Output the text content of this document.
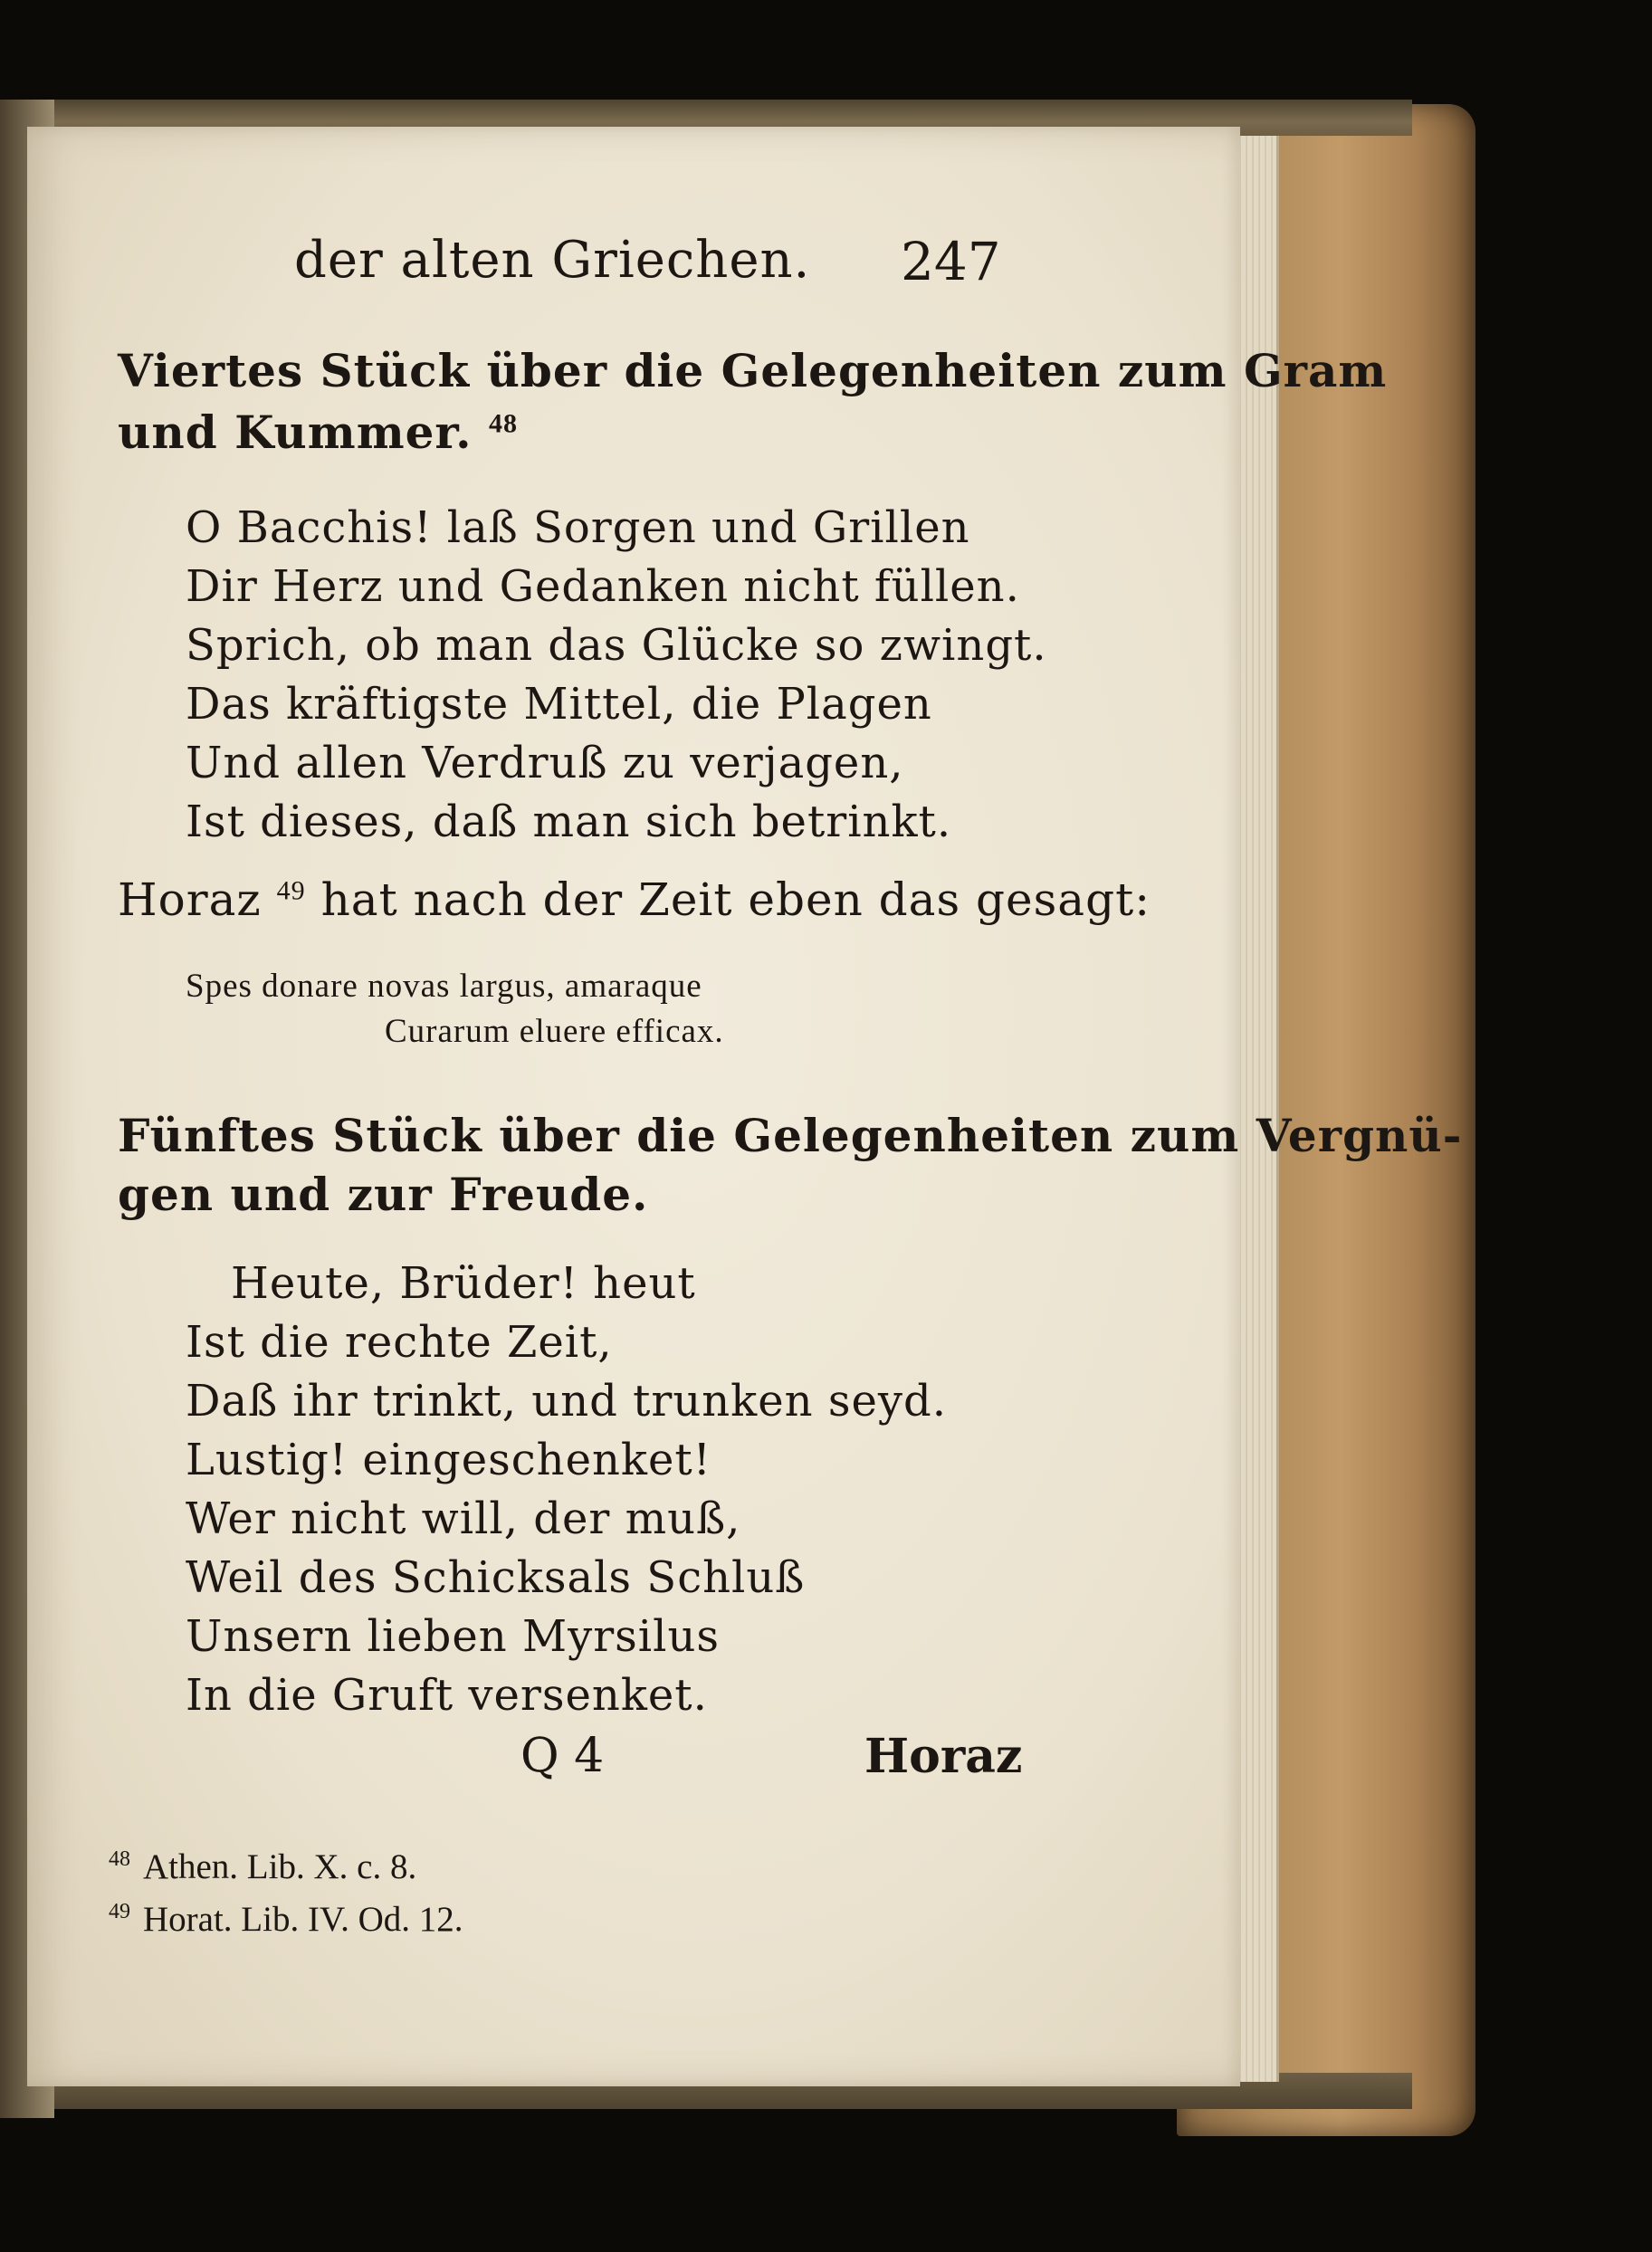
der alten Griechen. 247
Viertes Stück über die Gelegenheiten zum Gram
und Kummer. $^{48}$
O Bacchis! laß Sorgen und Grillen
Dir Herz und Gedanken nicht füllen.
Sprich, ob man das Glücke so zwingt.
Das kräftigste Mittel, die Plagen
Und allen Verdruß zu verjagen,
Ist dieses, daß man sich betrinkt.
Horaz $^{49}$ hat nach der Zeit eben das gesagt:
Spes donare novas largus, amaraque
Curarum eluere efficax.
Fünftes Stück über die Gelegenheiten zum Vergnü-
gen und zur Freude.
Heute, Brüder! heut
Ist die rechte Zeit,
Daß ihr trinkt, und trunken seyd.
Lustig! eingeschenket!
Wer nicht will, der muß,
Weil des Schicksals Schluß
Unsern lieben Myrsilus
In die Gruft versenket.
Q 4	Horaz
$^{48}$ Athen. Lib. X. c. 8.
$^{49}$ Horat. Lib. IV. Od. 12.
